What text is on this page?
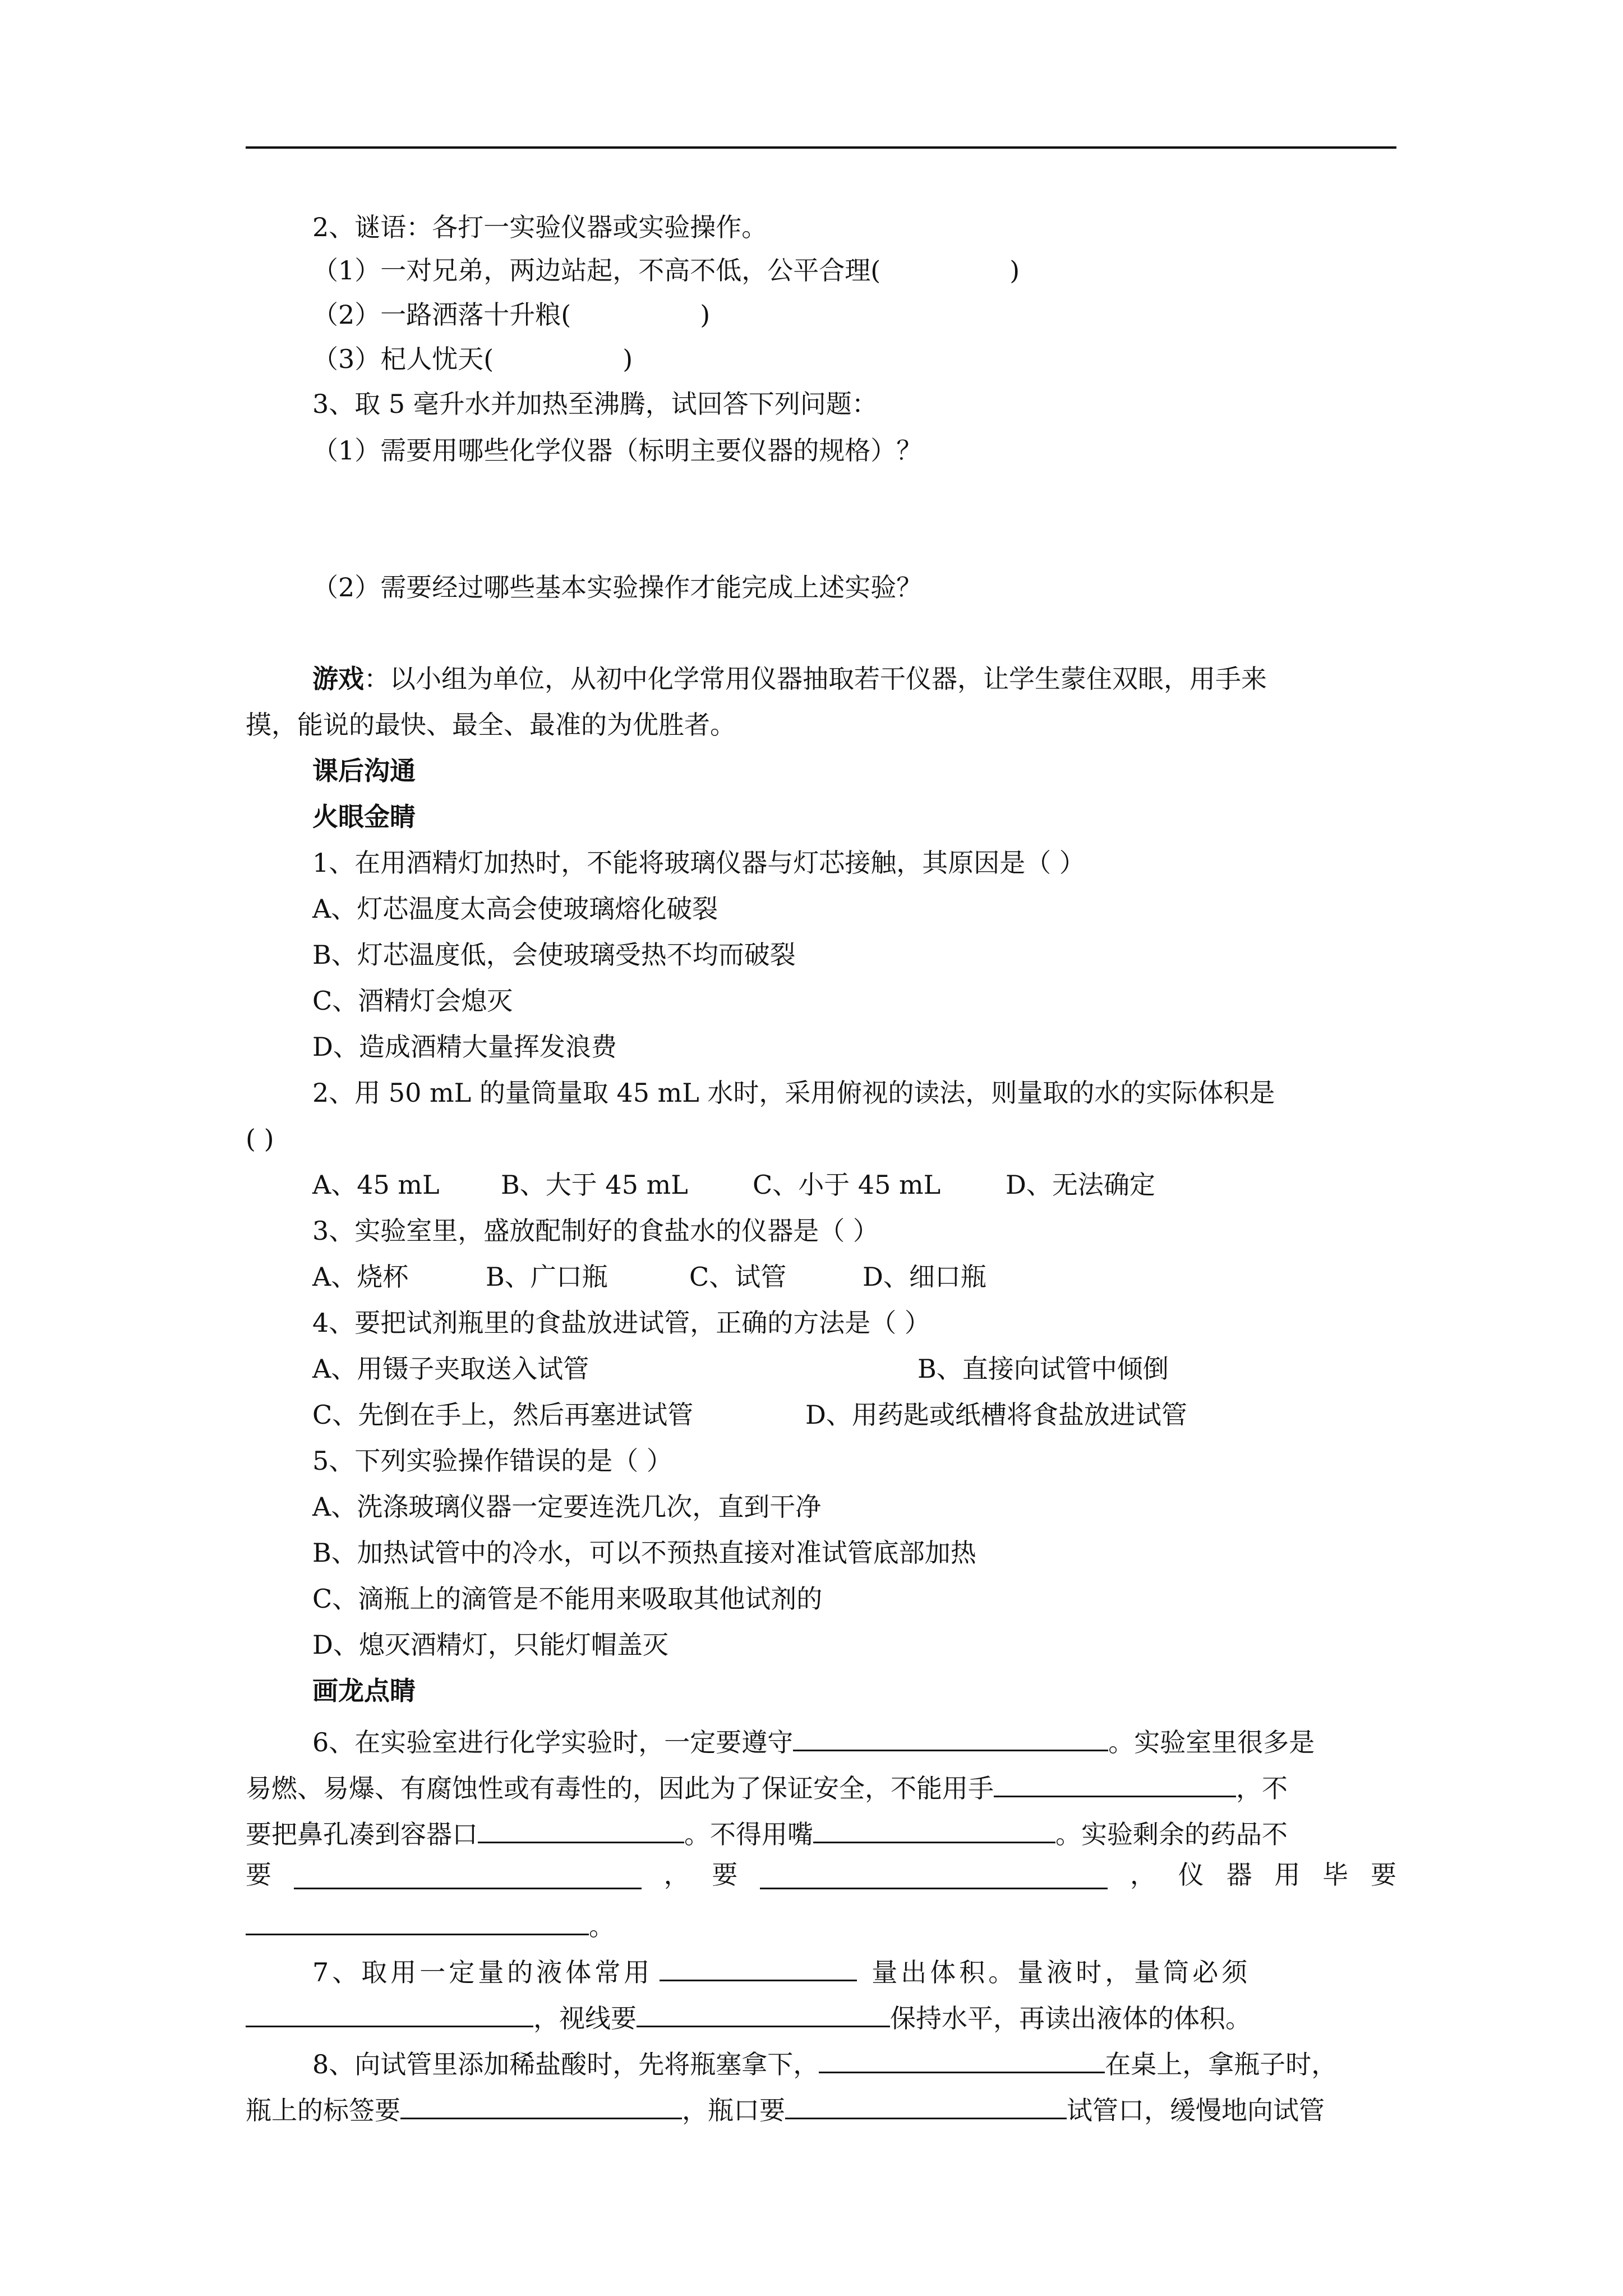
2、谜语：各打一实验仪器或实验操作。
（1）一对兄弟，两边站起，不高不低，公平合理(	)
（2）一路洒落十升粮(	)
（3）杞人忧天(	)
3、取 5 毫升水并加热至沸腾，试回答下列问题：
（1）需要用哪些化学仪器（标明主要仪器的规格）？
（2）需要经过哪些基本实验操作才能完成上述实验？
游戏：以小组为单位，从初中化学常用仪器抽取若干仪器，让学生蒙住双眼，用手来
摸，能说的最快、最全、最准的为优胜者。
课后沟通
火眼金睛
1、在用酒精灯加热时，不能将玻璃仪器与灯芯接触，其原因是（ ）
A、灯芯温度太高会使玻璃熔化破裂
B、灯芯温度低，会使玻璃受热不均而破裂
C、酒精灯会熄灭
D、造成酒精大量挥发浪费
2、用 50 mL 的量筒量取 45 mL 水时，采用俯视的读法，则量取的水的实际体积是
( )
A、45 mL B、大于 45 mL	C、小于 45 mL	D、无法确定
3、实验室里，盛放配制好的食盐水的仪器是（ ）
A、烧杯	B、广口瓶	C、试管	D、细口瓶
4、要把试剂瓶里的食盐放进试管，正确的方法是（ ）
A、用镊子夹取送入试管	B、直接向试管中倾倒
C、先倒在手上，然后再塞进试管	D、用药匙或纸槽将食盐放进试管
5、下列实验操作错误的是（ ）
A、洗涤玻璃仪器一定要连洗几次，直到干净
B、加热试管中的冷水，可以不预热直接对准试管底部加热
C、滴瓶上的滴管是不能用来吸取其他试剂的
D、熄灭酒精灯，只能灯帽盖灭
画龙点睛
6、在实验室进行化学实验时，一定要遵守	。实验室里很多是
易燃、易爆、有腐蚀性或有毒性的，因此为了保证安全，不能用手	，不
要把鼻孔凑到容器口	。不得用嘴	。实验剩余的药品不
要	， 要	， 仪 器 用 毕 要
。
7、取用一定量的液体常用	量出体积。量液时，量筒必须
，视线要	保持水平，再读出液体的体积。
8、向试管里添加稀盐酸时，先将瓶塞拿下，	在桌上，拿瓶子时，
瓶上的标签要	，瓶口要	试管口，缓慢地向试管
